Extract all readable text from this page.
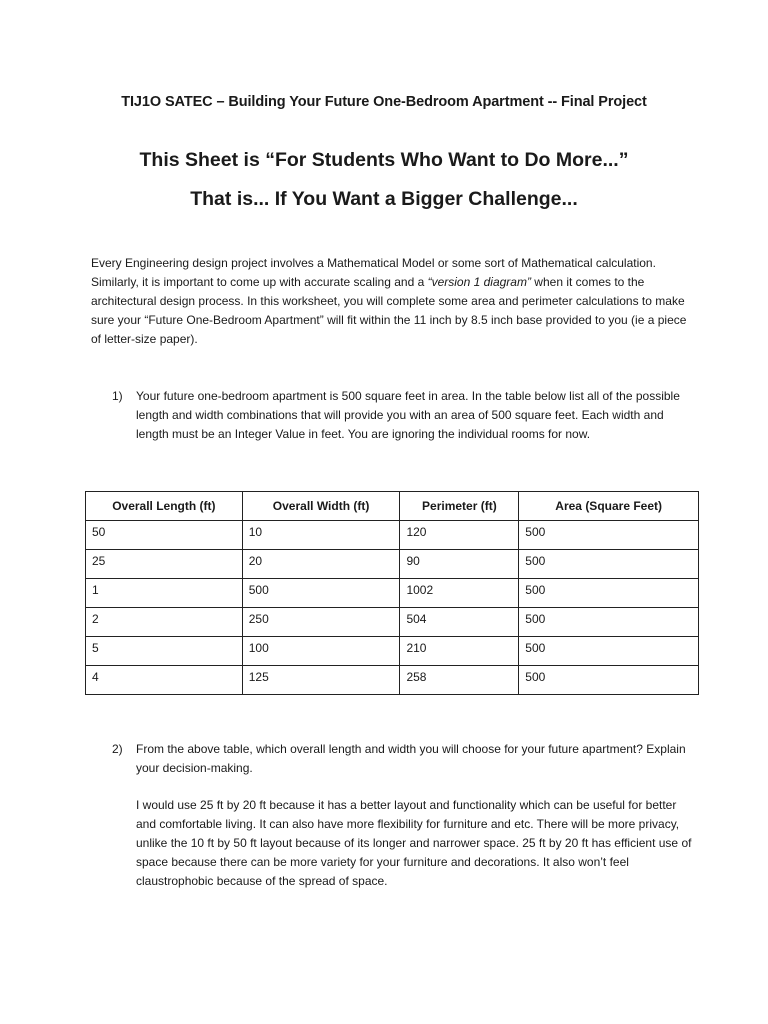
TIJ1O SATEC – Building Your Future One-Bedroom Apartment -- Final Project
This Sheet is “For Students Who Want to Do More...”
That is... If You Want a Bigger Challenge...
Every Engineering design project involves a Mathematical Model or some sort of Mathematical calculation. Similarly, it is important to come up with accurate scaling and a “version 1 diagram” when it comes to the architectural design process. In this worksheet, you will complete some area and perimeter calculations to make sure your “Future One-Bedroom Apartment” will fit within the 11 inch by 8.5 inch base provided to you (ie a piece of letter-size paper).
1) Your future one-bedroom apartment is 500 square feet in area. In the table below list all of the possible length and width combinations that will provide you with an area of 500 square feet. Each width and length must be an Integer Value in feet. You are ignoring the individual rooms for now.
Overall Length (ft)	Overall Width (ft)	Perimeter (ft)	Area (Square Feet)
50	10	120	500
25	20	90	500
1	500	1002	500
2	250	504	500
5	100	210	500
4	125	258	500
2) From the above table, which overall length and width you will choose for your future apartment? Explain your decision-making.
I would use 25 ft by 20 ft because it has a better layout and functionality which can be useful for better and comfortable living. It can also have more flexibility for furniture and etc. There will be more privacy, unlike the 10 ft by 50 ft layout because of its longer and narrower space. 25 ft by 20 ft has efficient use of space because there can be more variety for your furniture and decorations. It also won’t feel claustrophobic because of the spread of space.
